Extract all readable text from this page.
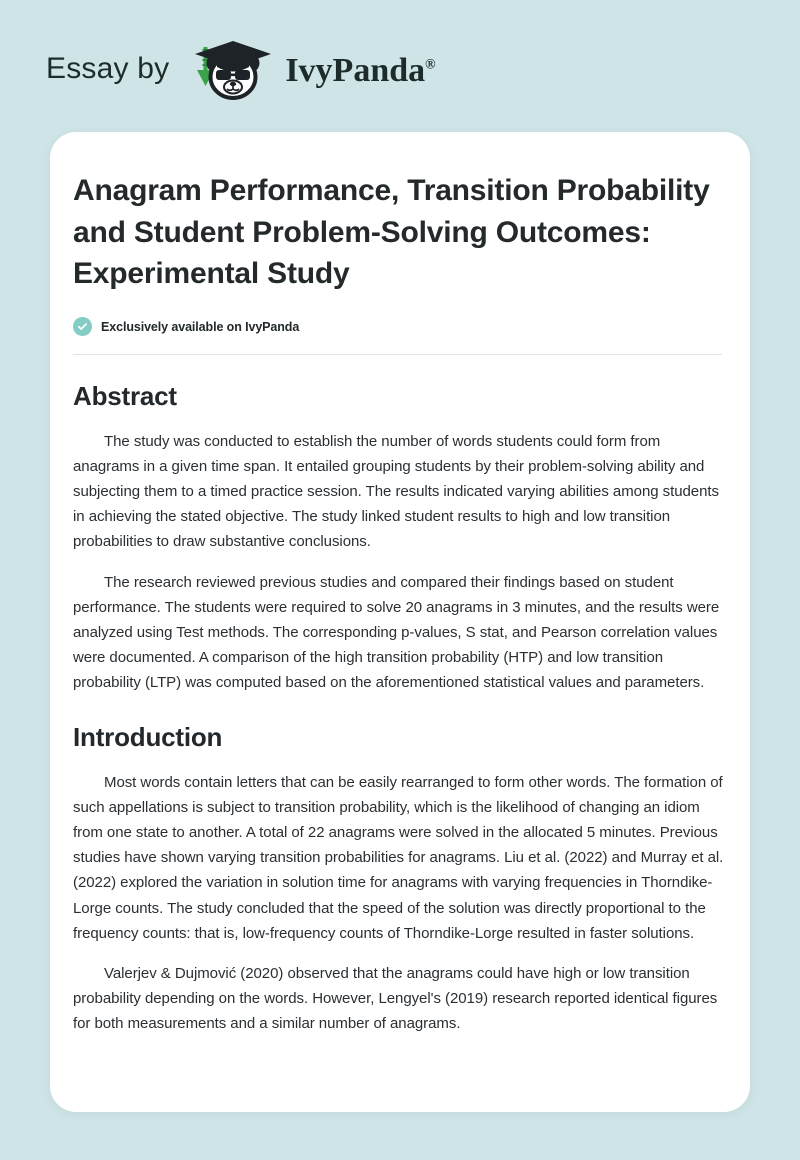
Essay by	IvyPanda®
Anagram Performance, Transition Probability and Student Problem-Solving Outcomes: Experimental Study
Exclusively available on IvyPanda
Abstract

The study was conducted to establish the number of words students could form from anagrams in a given time span. It entailed grouping students by their problem-solving ability and subjecting them to a timed practice session. The results indicated varying abilities among students in achieving the stated objective. The study linked student results to high and low transition probabilities to draw substantive conclusions.

The research reviewed previous studies and compared their findings based on student performance. The students were required to solve 20 anagrams in 3 minutes, and the results were analyzed using Test methods. The corresponding p-values, S stat, and Pearson correlation values were documented. A comparison of the high transition probability (HTP) and low transition probability (LTP) was computed based on the aforementioned statistical values and parameters.

Introduction

Most words contain letters that can be easily rearranged to form other words. The formation of such appellations is subject to transition probability, which is the likelihood of changing an idiom from one state to another. A total of 22 anagrams were solved in the allocated 5 minutes. Previous studies have shown varying transition probabilities for anagrams. Liu et al. (2022) and Murray et al. (2022) explored the variation in solution time for anagrams with varying frequencies in Thorndike-Lorge counts. The study concluded that the speed of the solution was directly proportional to the frequency counts: that is, low-frequency counts of Thorndike-Lorge resulted in faster solutions.

Valerjev & Dujmović (2020) observed that the anagrams could have high or low transition probability depending on the words. However, Lengyel's (2019) research reported identical figures for both measurements and a similar number of anagrams.
